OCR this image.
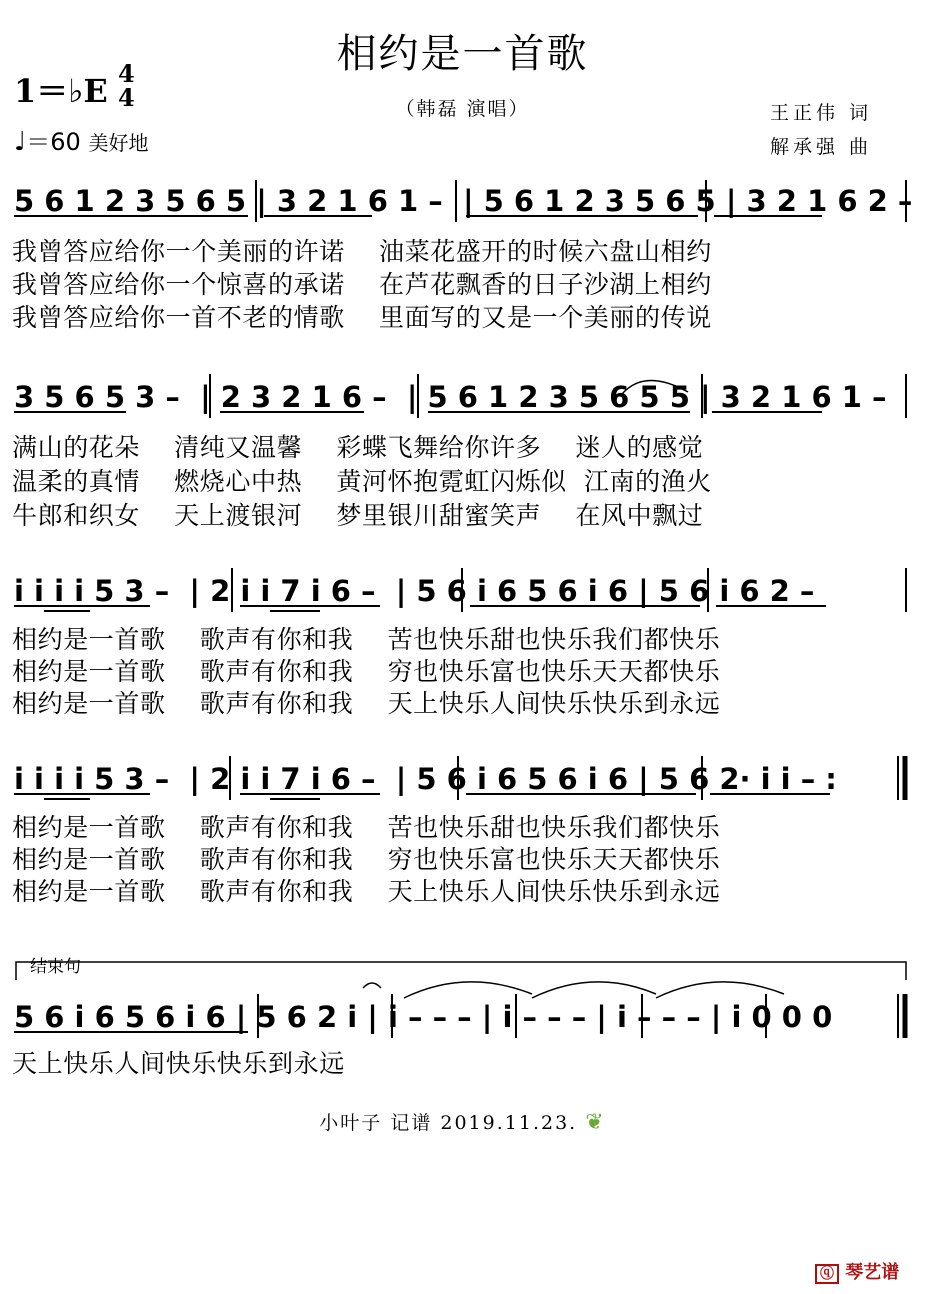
相约是一首歌
（韩磊 演唱）	王正伟 词
解承强 曲
1＝♭E 4
4
♩＝60 美好地
5 6 1 2 3 5 6 5 | 3 2 1 6 1 –  | 5 6 1 2 3 5 6 5 | 3 2 1 6 2 –
我曾答应给你一个美丽的许诺    油菜花盛开的时候六盘山相约
我曾答应给你一个惊喜的承诺    在芦花飘香的日子沙湖上相约
我曾答应给你一首不老的情歌    里面写的又是一个美丽的传说
3 5 6 5 3 –  | 2 3 2 1 6 –  | 5 6 1 2 3 5 6 5 5 | 3 2 1 6 1 –
满山的花朵    清纯又温馨    彩蝶飞舞给你许多    迷人的感觉
温柔的真情    燃烧心中热    黄河怀抱霓虹闪烁似  江南的渔火
牛郎和织女    天上渡银河    梦里银川甜蜜笑声    在风中飘过
i i i i 5 3 –  | 2 i i 7 i 6 –  | 5 6 i 6 5 6 i 6 | 5 6 i 6 2 –
相约是一首歌    歌声有你和我    苦也快乐甜也快乐我们都快乐
相约是一首歌    歌声有你和我    穷也快乐富也快乐天天都快乐
相约是一首歌    歌声有你和我    天上快乐人间快乐快乐到永远
i i i i 5 3 –  | 2 i i 7 i 6 –  | 5 6 i 6 5 6 i 6 | 5 6 2· i i – :
相约是一首歌    歌声有你和我    苦也快乐甜也快乐我们都快乐
相约是一首歌    歌声有你和我    穷也快乐富也快乐天天都快乐
相约是一首歌    歌声有你和我    天上快乐人间快乐快乐到永远
结束句
5 6 i 6 5 6 i 6 | 5 6 2 i | i – – – | i – – – | i – – – | i 0 0 0
天上快乐人间快乐快乐到永远
小叶子 记谱 2019.11.23. ❦
ⓠ 琴艺谱
